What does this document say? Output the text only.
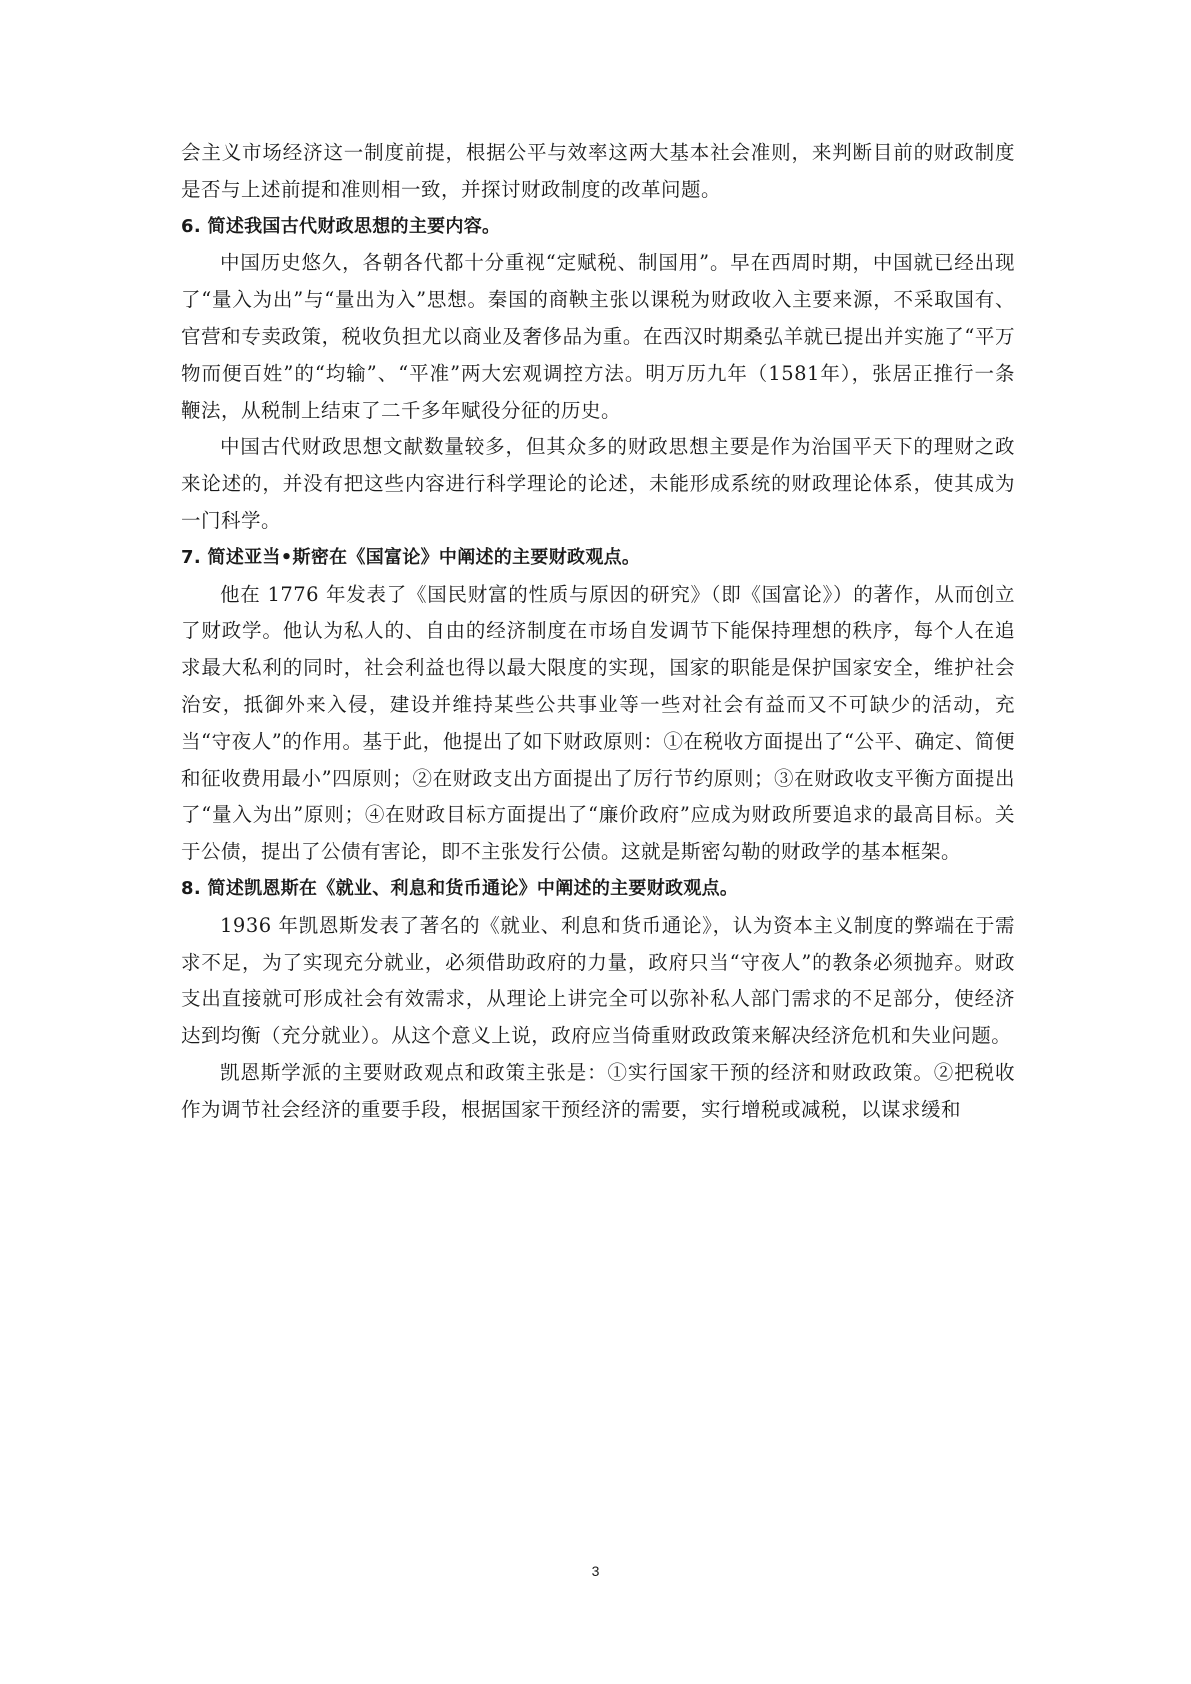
会主义市场经济这一制度前提，根据公平与效率这两大基本社会准则，来判断目前的财政制度是否与上述前提和准则相一致，并探讨财政制度的改革问题。

6. 简述我国古代财政思想的主要内容。

中国历史悠久，各朝各代都十分重视“定赋税、制国用”。早在西周时期，中国就已经出现了“量入为出”与“量出为入”思想。秦国的商鞅主张以课税为财政收入主要来源，不采取国有、官营和专卖政策，税收负担尤以商业及奢侈品为重。在西汉时期桑弘羊就已提出并实施了“平万物而便百姓”的“均输”、“平准”两大宏观调控方法。明万历九年（1581年），张居正推行一条鞭法，从税制上结束了二千多年赋役分征的历史。

中国古代财政思想文献数量较多，但其众多的财政思想主要是作为治国平天下的理财之政来论述的，并没有把这些内容进行科学理论的论述，未能形成系统的财政理论体系，使其成为一门科学。

7. 简述亚当•斯密在《国富论》中阐述的主要财政观点。

他在 1776 年发表了《国民财富的性质与原因的研究》（即《国富论》）的著作，从而创立了财政学。他认为私人的、自由的经济制度在市场自发调节下能保持理想的秩序，每个人在追求最大私利的同时，社会利益也得以最大限度的实现，国家的职能是保护国家安全，维护社会治安，抵御外来入侵，建设并维持某些公共事业等一些对社会有益而又不可缺少的活动，充当“守夜人”的作用。基于此，他提出了如下财政原则：①在税收方面提出了“公平、确定、简便和征收费用最小”四原则；②在财政支出方面提出了厉行节约原则；③在财政收支平衡方面提出了“量入为出”原则；④在财政目标方面提出了“廉价政府”应成为财政所要追求的最高目标。关于公债，提出了公债有害论，即不主张发行公债。这就是斯密勾勒的财政学的基本框架。

8. 简述凯恩斯在《就业、利息和货币通论》中阐述的主要财政观点。

1936 年凯恩斯发表了著名的《就业、利息和货币通论》，认为资本主义制度的弊端在于需求不足，为了实现充分就业，必须借助政府的力量，政府只当“守夜人”的教条必须抛弃。财政支出直接就可形成社会有效需求，从理论上讲完全可以弥补私人部门需求的不足部分，使经济达到均衡（充分就业）。从这个意义上说，政府应当倚重财政政策来解决经济危机和失业问题。

凯恩斯学派的主要财政观点和政策主张是：①实行国家干预的经济和财政政策。②把税收作为调节社会经济的重要手段，根据国家干预经济的需要，实行增税或减税，以谋求缓和

3
